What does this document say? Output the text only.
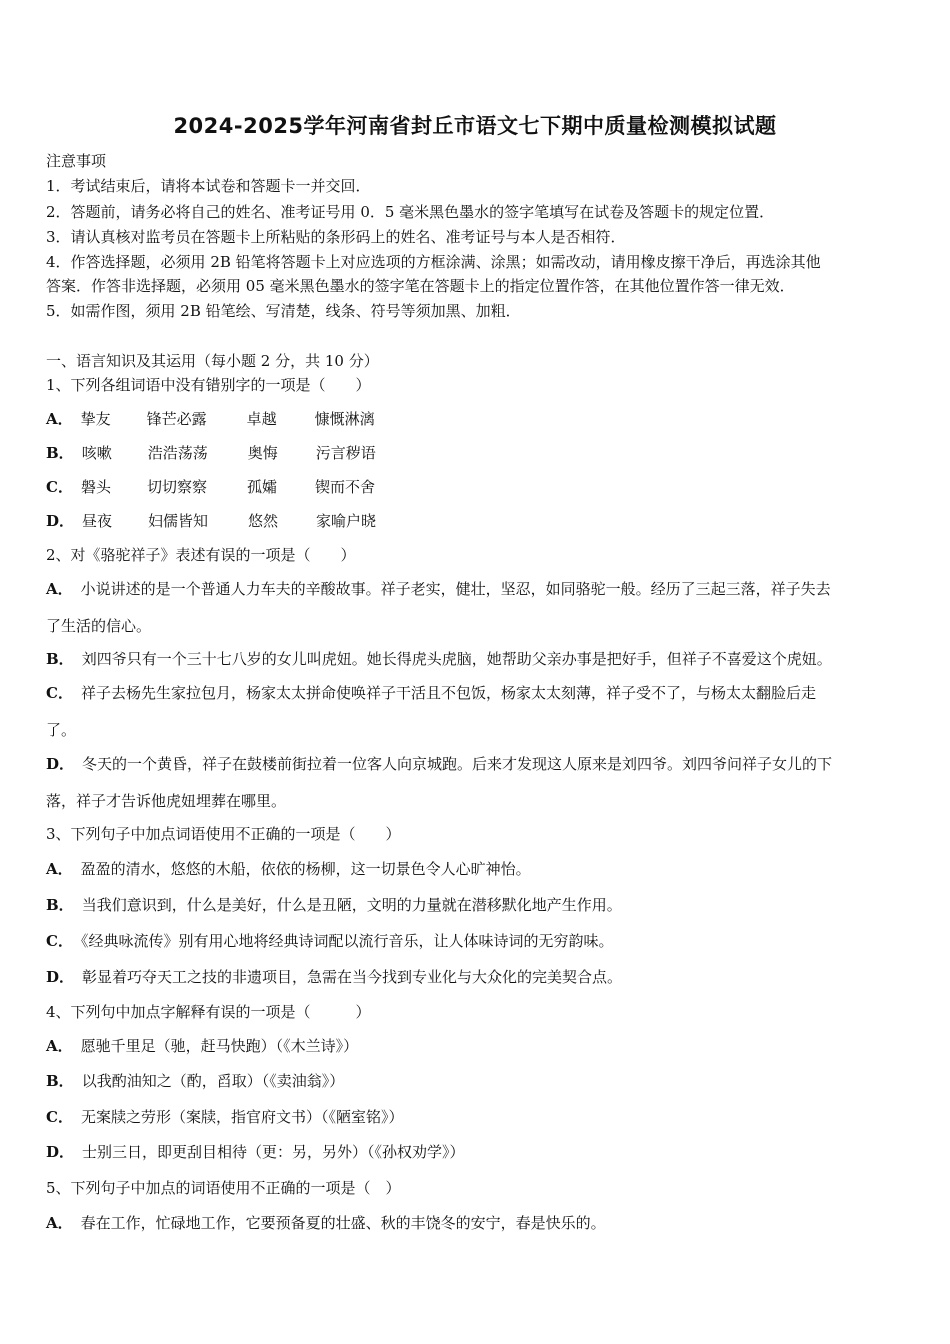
2024-2025学年河南省封丘市语文七下期中质量检测模拟试题
注意事项
1．考试结束后，请将本试卷和答题卡一并交回．
2．答题前，请务必将自己的姓名、准考证号用 0．5 毫米黑色墨水的签字笔填写在试卷及答题卡的规定位置．
3．请认真核对监考员在答题卡上所粘贴的条形码上的姓名、准考证号与本人是否相符．
4．作答选择题，必须用 2B 铅笔将答题卡上对应选项的方框涂满、涂黑；如需改动，请用橡皮擦干净后，再选涂其他
答案．作答非选择题，必须用 05 毫米黑色墨水的签字笔在答题卡上的指定位置作答，在其他位置作答一律无效．
5．如需作图，须用 2B 铅笔绘、写清楚，线条、符号等须加黑、加粗．
一、语言知识及其运用（每小题 2 分，共 10 分）
1、下列各组词语中没有错别字的一项是（　　）
A． 挚友 锋芒必露	卓越	慷慨淋漓
B． 咳嗽 浩浩荡荡	奥悔	污言秽语
C． 磐头 切切察察	孤孀	锲而不舍
D． 昼夜 妇儒皆知	悠然	家喻户晓
2、对《骆驼祥子》表述有误的一项是（　　）
A． 小说讲述的是一个普通人力车夫的辛酸故事。祥子老实，健壮，坚忍，如同骆驼一般。经历了三起三落，祥子失去
了生活的信心。
B． 刘四爷只有一个三十七八岁的女儿叫虎妞。她长得虎头虎脑，她帮助父亲办事是把好手，但祥子不喜爱这个虎妞。
C． 祥子去杨先生家拉包月，杨家太太拼命使唤祥子干活且不包饭，杨家太太刻薄，祥子受不了，与杨太太翻脸后走
了。
D． 冬天的一个黄昏，祥子在鼓楼前街拉着一位客人向京城跑。后来才发现这人原来是刘四爷。刘四爷问祥子女儿的下
落，祥子才告诉他虎妞埋葬在哪里。
3、下列句子中加点词语使用不正确的一项是（　　）
A． 盈盈的清水，悠悠的木船，依依的杨柳，这一切景色令人心旷神怡。
B． 当我们意识到，什么是美好，什么是丑陋，文明的力量就在潜移默化地产生作用。
C． 《经典咏流传》别有用心地将经典诗词配以流行音乐，让人体味诗词的无穷韵味。
D． 彰显着巧夺天工之技的非遗项目，急需在当今找到专业化与大众化的完美契合点。
4、下列句中加点字解释有误的一项是（　　　）
A． 愿驰千里足（驰，赶马快跑）（《木兰诗》）
B． 以我酌油知之（酌，舀取）（《卖油翁》）
C． 无案牍之劳形（案牍，指官府文书）（《陋室铭》）
D． 士别三日，即更刮目相待（更：另，另外）（《孙权劝学》）
5、下列句子中加点的词语使用不正确的一项是（　）
A． 春在工作，忙碌地工作，它要预备夏的壮盛、秋的丰饶冬的安宁，春是快乐的。
